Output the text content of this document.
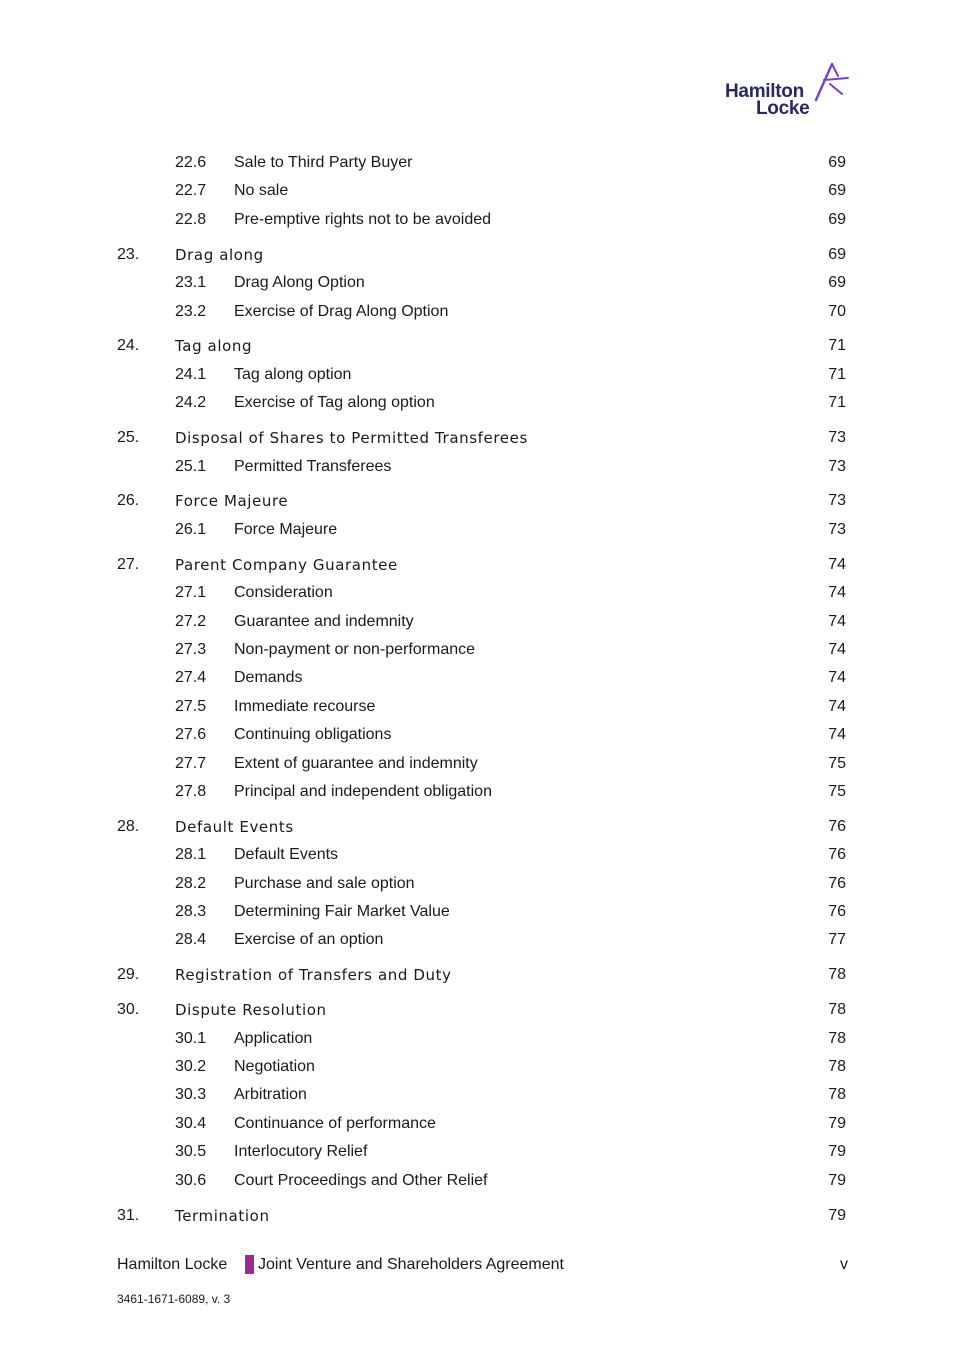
Hamilton
Locke
22.6 Sale to Third Party Buyer	69
22.7 No sale	69
22.8 Pre-emptive rights not to be avoided	69
23. Drag along	69
23.1 Drag Along Option	69
23.2 Exercise of Drag Along Option	70
24. Tag along	71
24.1 Tag along option	71
24.2 Exercise of Tag along option	71
25. Disposal of Shares to Permitted Transferees	73
25.1 Permitted Transferees	73
26. Force Majeure	73
26.1 Force Majeure	73
27. Parent Company Guarantee	74
27.1 Consideration	74
27.2 Guarantee and indemnity	74
27.3 Non-payment or non-performance	74
27.4 Demands	74
27.5 Immediate recourse	74
27.6 Continuing obligations	74
27.7 Extent of guarantee and indemnity	75
27.8 Principal and independent obligation	75
28. Default Events	76
28.1 Default Events	76
28.2 Purchase and sale option	76
28.3 Determining Fair Market Value	76
28.4 Exercise of an option	77
29. Registration of Transfers and Duty	78
30. Dispute Resolution	78
30.1 Application	78
30.2 Negotiation	78
30.3 Arbitration	78
30.4 Continuance of performance	79
30.5 Interlocutory Relief	79
30.6 Court Proceedings and Other Relief	79
31. Termination	79
Hamilton Locke Joint Venture and Shareholders Agreement	v
3461-1671-6089, v. 3
